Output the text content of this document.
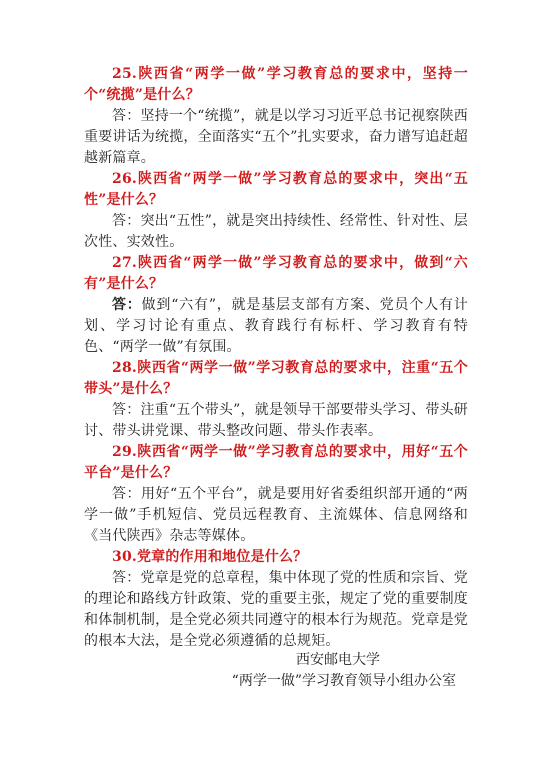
25.陕西省“两学一做”学习教育总的要求中，坚持一个“统揽”是什么？

答：坚持一个“统揽”，就是以学习习近平总书记视察陕西重要讲话为统揽，全面落实“五个”扎实要求，奋力谱写追赶超越新篇章。

26.陕西省“两学一做”学习教育总的要求中，突出“五性”是什么？

答：突出“五性”，就是突出持续性、经常性、针对性、层次性、实效性。

27.陕西省“两学一做”学习教育总的要求中，做到“六有”是什么？

答：做到“六有”，就是基层支部有方案、党员个人有计划、学习讨论有重点、教育践行有标杆、学习教育有特色、“两学一做”有氛围。

28.陕西省“两学一做”学习教育总的要求中，注重“五个带头”是什么？

答：注重“五个带头”，就是领导干部要带头学习、带头研讨、带头讲党课、带头整改问题、带头作表率。

29.陕西省“两学一做”学习教育总的要求中，用好“五个平台”是什么？

答：用好“五个平台”，就是要用好省委组织部开通的“两学一做”手机短信、党员远程教育、主流媒体、信息网络和《当代陕西》杂志等媒体。

30.党章的作用和地位是什么？

答：党章是党的总章程，集中体现了党的性质和宗旨、党的理论和路线方针政策、党的重要主张，规定了党的重要制度和体制机制，是全党必须共同遵守的根本行为规范。党章是党的根本大法，是全党必须遵循的总规矩。

西安邮电大学
“两学一做”学习教育领导小组办公室
